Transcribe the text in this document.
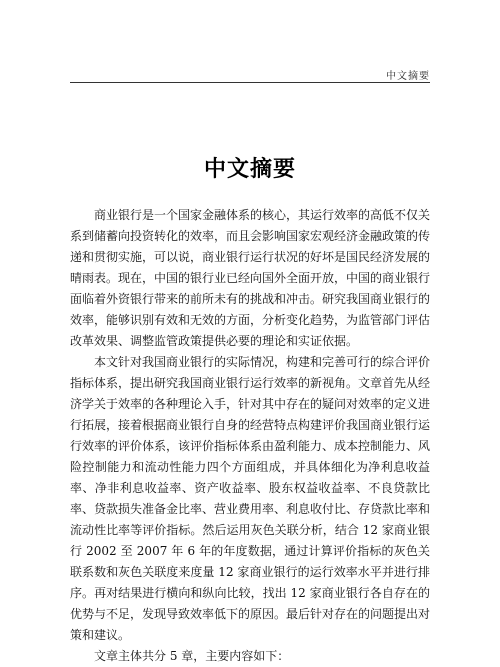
中文摘要
中文摘要

商业银行是一个国家金融体系的核心，其运行效率的高低不仅关系到储蓄向投资转化的效率，而且会影响国家宏观经济金融政策的传递和贯彻实施，可以说，商业银行运行状况的好坏是国民经济发展的晴雨表。现在，中国的银行业已经向国外全面开放，中国的商业银行面临着外资银行带来的前所未有的挑战和冲击。研究我国商业银行的效率，能够识别有效和无效的方面，分析变化趋势，为监管部门评估改革效果、调整监管政策提供必要的理论和实证依据。

本文针对我国商业银行的实际情况，构建和完善可行的综合评价指标体系，提出研究我国商业银行运行效率的新视角。文章首先从经济学关于效率的各种理论入手，针对其中存在的疑问对效率的定义进行拓展，接着根据商业银行自身的经营特点构建评价我国商业银行运行效率的评价体系，该评价指标体系由盈利能力、成本控制能力、风险控制能力和流动性能力四个方面组成，并具体细化为净利息收益率、净非利息收益率、资产收益率、股东权益收益率、不良贷款比率、贷款损失准备金比率、营业费用率、利息收付比、存贷款比率和流动性比率等评价指标。然后运用灰色关联分析，结合 12 家商业银行 2002 至 2007 年 6 年的年度数据，通过计算评价指标的灰色关联系数和灰色关联度来度量 12 家商业银行的运行效率水平并进行排序。再对结果进行横向和纵向比较，找出 12 家商业银行各自存在的优势与不足，发现导致效率低下的原因。最后针对存在的问题提出对策和建议。

文章主体共分 5 章，主要内容如下：
